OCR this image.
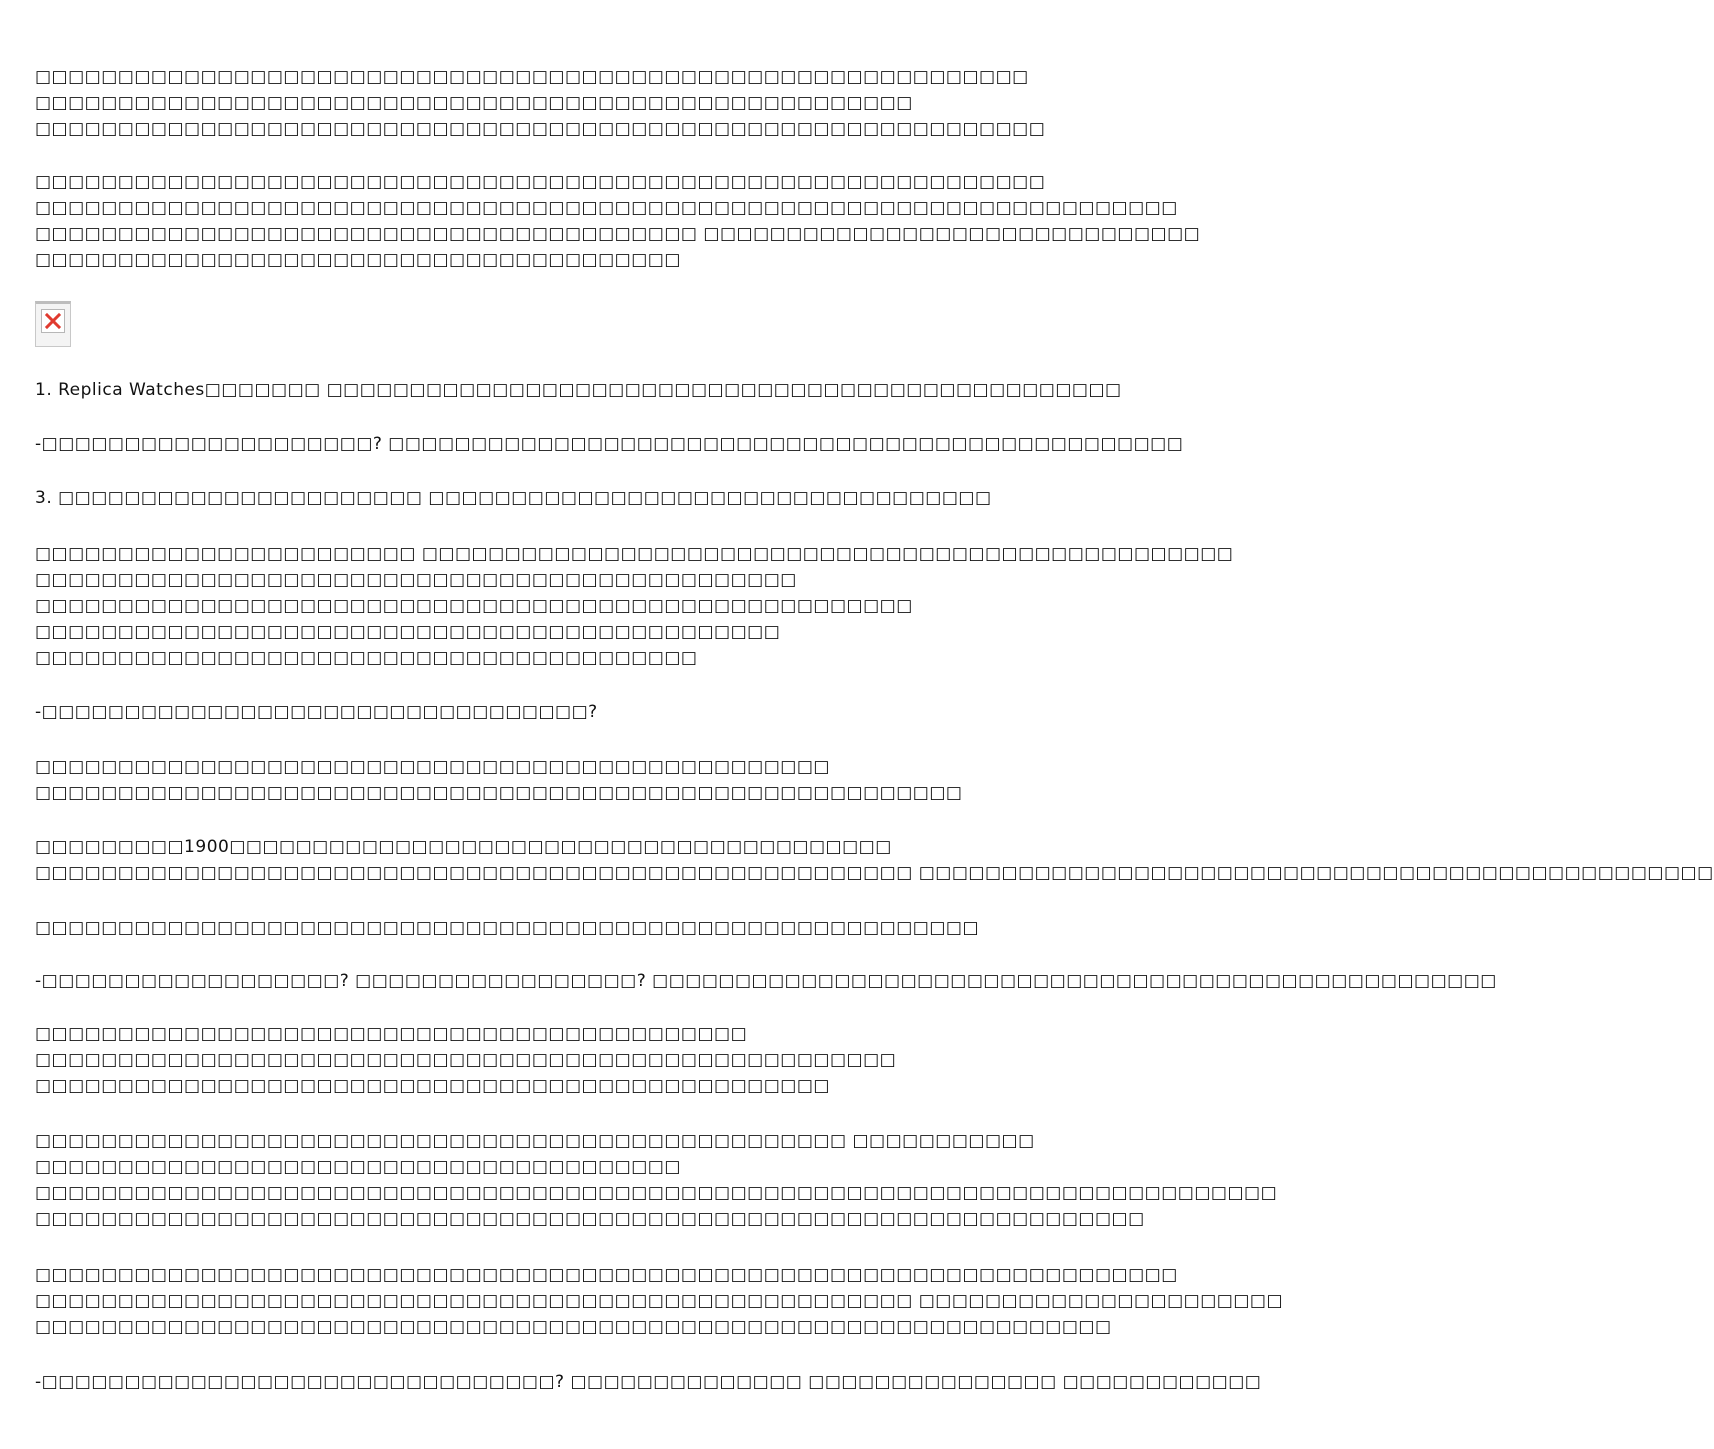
□□□□□□□□□□□□□□□□□□□□□□□□□□□□□□□□□□□□□□□□□□□□□□□□□□□□□□□□□□□□
□□□□□□□□□□□□□□□□□□□□□□□□□□□□□□□□□□□□□□□□□□□□□□□□□□□□□
□□□□□□□□□□□□□□□□□□□□□□□□□□□□□□□□□□□□□□□□□□□□□□□□□□□□□□□□□□□□□
□□□□□□□□□□□□□□□□□□□□□□□□□□□□□□□□□□□□□□□□□□□□□□□□□□□□□□□□□□□□□
□□□□□□□□□□□□□□□□□□□□□□□□□□□□□□□□□□□□□□□□□□□□□□□□□□□□□□□□□□□□□□□□□□□□□
□□□□□□□□□□□□□□□□□□□□□□□□□□□□□□□□□□□□□□□□ □□□□□□□□□□□□□□□□□□□□□□□□□□□□□□
□□□□□□□□□□□□□□□□□□□□□□□□□□□□□□□□□□□□□□□
1. Replica Watches□□□□□□□ □□□□□□□□□□□□□□□□□□□□□□□□□□□□□□□□□□□□□□□□□□□□□□□□
-□□□□□□□□□□□□□□□□□□□□? □□□□□□□□□□□□□□□□□□□□□□□□□□□□□□□□□□□□□□□□□□□□□□□□
3. □□□□□□□□□□□□□□□□□□□□□□ □□□□□□□□□□□□□□□□□□□□□□□□□□□□□□□□□□
□□□□□□□□□□□□□□□□□□□□□□□ □□□□□□□□□□□□□□□□□□□□□□□□□□□□□□□□□□□□□□□□□□□□□□□□□
□□□□□□□□□□□□□□□□□□□□□□□□□□□□□□□□□□□□□□□□□□□□□□
□□□□□□□□□□□□□□□□□□□□□□□□□□□□□□□□□□□□□□□□□□□□□□□□□□□□□
□□□□□□□□□□□□□□□□□□□□□□□□□□□□□□□□□□□□□□□□□□□□□
□□□□□□□□□□□□□□□□□□□□□□□□□□□□□□□□□□□□□□□□
-□□□□□□□□□□□□□□□□□□□□□□□□□□□□□□□□□?
□□□□□□□□□□□□□□□□□□□□□□□□□□□□□□□□□□□□□□□□□□□□□□□□
□□□□□□□□□□□□□□□□□□□□□□□□□□□□□□□□□□□□□□□□□□□□□□□□□□□□□□□□
□□□□□□□□□1900□□□□□□□□□□□□□□□□□□□□□□□□□□□□□□□□□□□□□□□□
□□□□□□□□□□□□□□□□□□□□□□□□□□□□□□□□□□□□□□□□□□□□□□□□□□□□□ □□□□□□□□□□□□□□□□□□□□□□□□□□□□□□□□□□□□□□□□□□□□□□□□
□□□□□□□□□□□□□□□□□□□□□□□□□□□□□□□□□□□□□□□□□□□□□□□□□□□□□□□□□
-□□□□□□□□□□□□□□□□□□? □□□□□□□□□□□□□□□□□? □□□□□□□□□□□□□□□□□□□□□□□□□□□□□□□□□□□□□□□□□□□□□□□□□□□
□□□□□□□□□□□□□□□□□□□□□□□□□□□□□□□□□□□□□□□□□□□
□□□□□□□□□□□□□□□□□□□□□□□□□□□□□□□□□□□□□□□□□□□□□□□□□□□□
□□□□□□□□□□□□□□□□□□□□□□□□□□□□□□□□□□□□□□□□□□□□□□□□
□□□□□□□□□□□□□□□□□□□□□□□□□□□□□□□□□□□□□□□□□□□□□□□□□ □□□□□□□□□□□
□□□□□□□□□□□□□□□□□□□□□□□□□□□□□□□□□□□□□□□
□□□□□□□□□□□□□□□□□□□□□□□□□□□□□□□□□□□□□□□□□□□□□□□□□□□□□□□□□□□□□□□□□□□□□□□□□□□
□□□□□□□□□□□□□□□□□□□□□□□□□□□□□□□□□□□□□□□□□□□□□□□□□□□□□□□□□□□□□□□□□□□
□□□□□□□□□□□□□□□□□□□□□□□□□□□□□□□□□□□□□□□□□□□□□□□□□□□□□□□□□□□□□□□□□□□□□
□□□□□□□□□□□□□□□□□□□□□□□□□□□□□□□□□□□□□□□□□□□□□□□□□□□□□ □□□□□□□□□□□□□□□□□□□□□□
□□□□□□□□□□□□□□□□□□□□□□□□□□□□□□□□□□□□□□□□□□□□□□□□□□□□□□□□□□□□□□□□□
-□□□□□□□□□□□□□□□□□□□□□□□□□□□□□□□? □□□□□□□□□□□□□□ □□□□□□□□□□□□□□□ □□□□□□□□□□□□
